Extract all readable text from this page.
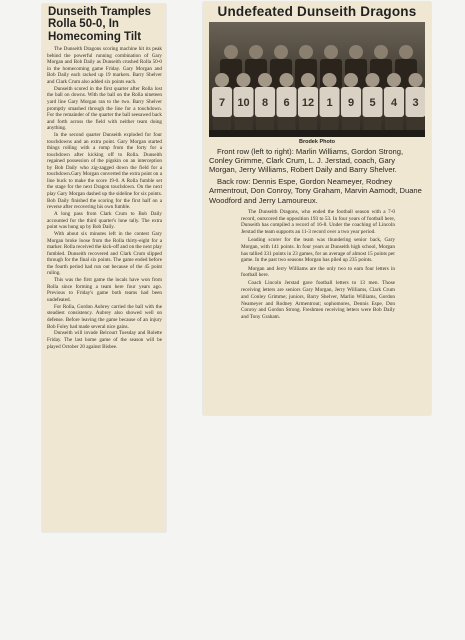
Dunseith Tramples
Rolla 50-0, In
Homecoming Tilt

The Dunseith Dragons scoring machine hit its peak behind the powerful running combination of Gary Morgan and Bob Daily as Dunseith crushed Rolla 50-0 in the homecoming game Friday. Gary Morgan and Bob Daily each racked up 19 markers. Barry Shelver and Clark Crum also added six points each.

Dunseith scored in the first quarter after Rolla lost the ball on downs. With the ball on the Rolla nineteen yard line Gary Morgan ran to the two. Barry Shelver promptly smashed through the line for a touchdown. For the remainder of the quarter the ball seesawed back and forth across the field with neither team doing anything.

In the second quarter Dunseith exploded for four touchdowns and an extra point. Gary Morgan started things rolling with a romp from the forty for a touchdown after kicking off to Rolla. Dunseith regained possession of the pigskin on an interception by Bob Daily who zig-zagged down the field for a touchdown.Gary Morgan converted the extra point on a line buck to make the score 19-0. A Rolla fumble set the stage for the next Dragon touchdown. On the next play Gary Morgan dashed up the sideline for six points. Bob Daily finished the scoring for the first half on a reverse after recovering his own fumble.

A long pass from Clark Crum to Bob Daily accounted for the third quarter's lone tally. The extra point was hung up by Bob Daily.

With about six minutes left in the contest Gary Morgan broke loose from the Rolla thirty-eight for a marker. Rolla received the kick-off and on the next play fumbled. Dunseith recovered and Clark Crum slipped through for the final six points. The game ended before the fourth period had run out because of the 45 point ruling.

This was the first game the locals have won from Rolla since forming a team here four years ago. Previous to Friday's game both teams had been undefeated.

For Rolla, Gordon Aubrey carried the ball with the steadiest consistency. Aubrey also showed well on defense. Before leaving the game because of an injury Bob Foley had made several nice gains.

Dunseith will invade Belcourt Tuesday and Rolette Friday. The last home game of the season will be played October 20 against Bisbee.

Undefeated Dunseith Dragons
7 10 8 6 12 1 9 5 4 3
Brodek Photo

Front row (left to right): Marlin Williams, Gordon Strong, Conley Grimme, Clark Crum, L. J. Jerstad, coach, Gary Morgan, Jerry Williams, Robert Daily and Barry Shelver.

Back row: Dennis Espe, Gordon Neameyer, Rodney Armentrout, Don Conroy, Tony Graham, Marvin Aamodt, Duane Woodford and Jerry Lamoureux.

The Dunseith Dragons, who ended the football season with a 7-0 record, outscored the opposition 193 to 53. In four years of football here, Dunseith has compiled a record of 16-8. Under the coaching of Lincoln Jerstad the team supports an 11-3 record over a two year period.

Leading scorer for the team was thundering senior back, Gary Morgan, with 141 points. In four years at Dunseith high school, Morgan has tallied 331 points in 23 games, for an average of almost 15 points per game. In the past two seasons Morgan has piled up 235 points.

Morgan and Jerry Williams are the only two to earn four letters in football here.

Coach Lincoln Jerstad gave football letters to 13 men. Those receiving letters are seniors Gary Morgan, Jerry Williams, Clark Crum and Conley Grimme; juniors, Barry Shelver, Marlin Williams, Gordon Neameyer and Rodney Armentrout; sophomores, Dennis Espe, Don Conroy and Gordon Strong. Freshmen receiving letters were Bob Daily and Tony Graham.
